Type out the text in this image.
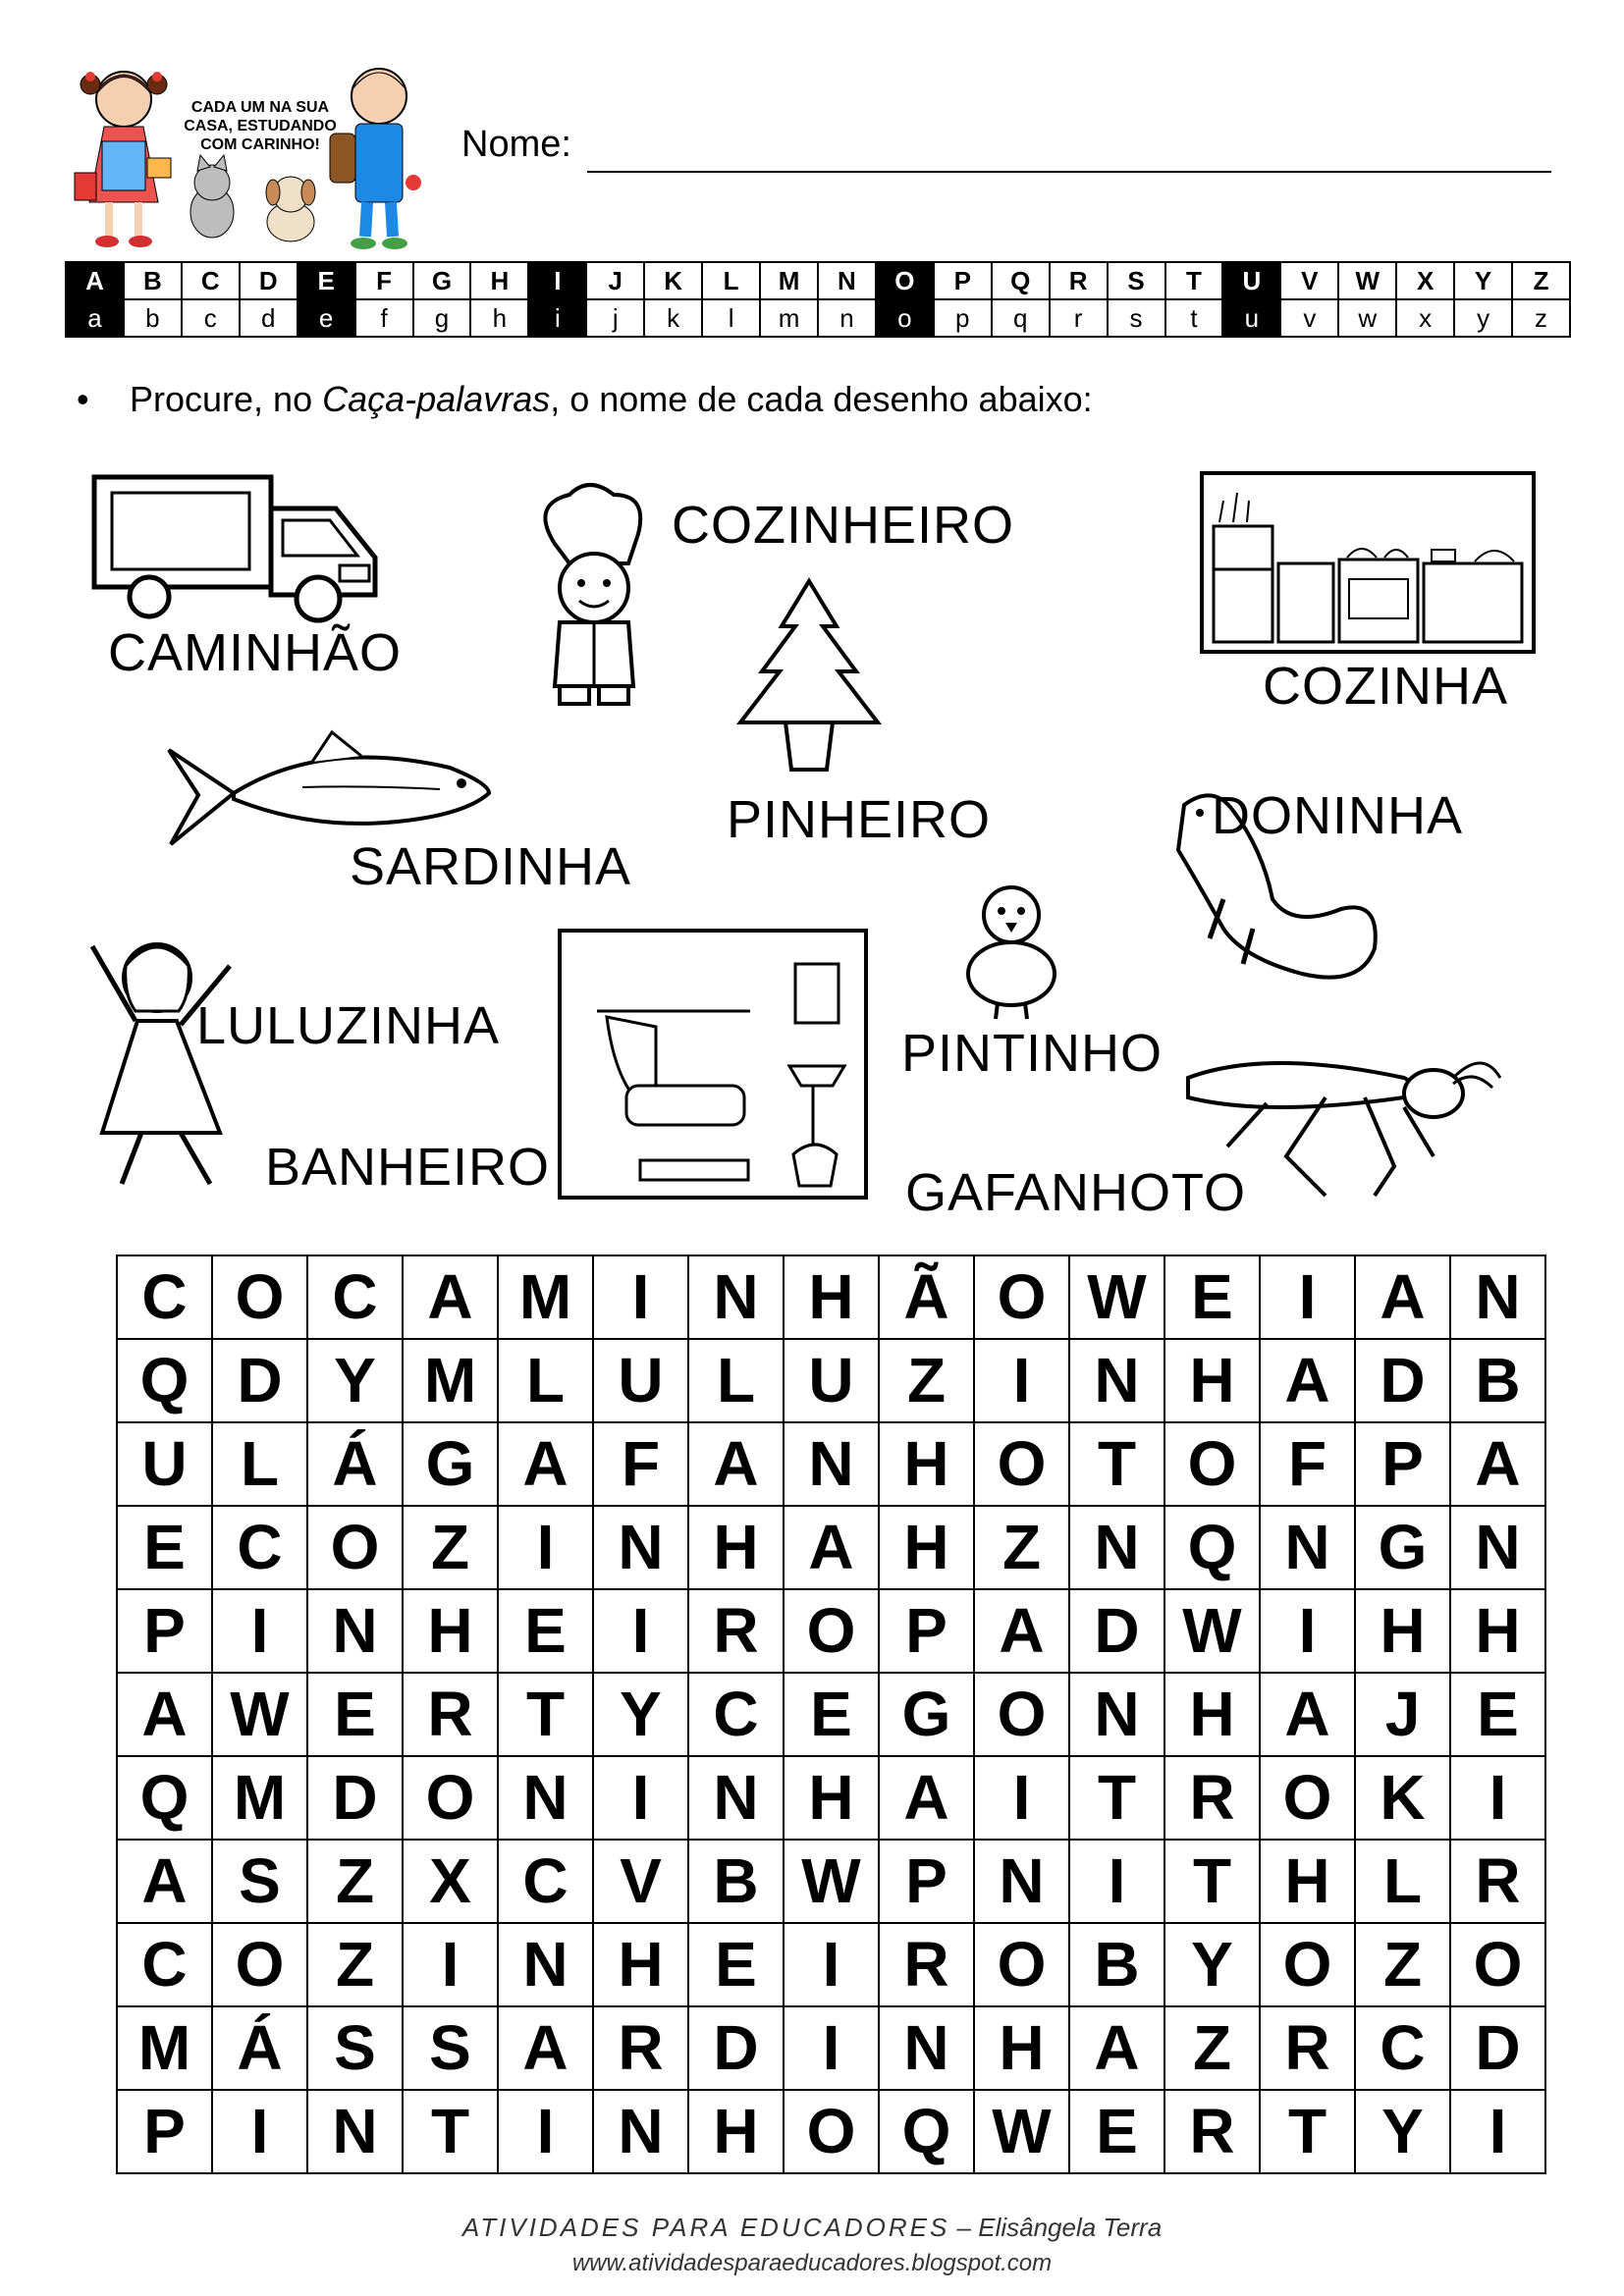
CADA UM NA SUA
CASA, ESTUDANDO
COM CARINHO!	Nome:
A	B	C	D	E	F	G	H	I	J	K	L	M	N	O	P	Q	R	S	T	U	V	W	X	Y	Z
a	b	c	d	e	f	g	h	i	j	k	l	m	n	o	p	q	r	s	t	u	v	w	x	y	z
• Procure, no Caça-palavras, o nome de cada desenho abaixo:
CAMINHÃO
COZINHEIRO
COZINHA
SARDINHA
PINHEIRO	DONINHA
LULUZINHA
BANHEIRO
PINTINHO
GAFANHOTO
C	O	C	A	M	I	N	H	Ã	O	W	E	I	A	N
Q	D	Y	M	L	U	L	U	Z	I	N	H	A	D	B
U	L	Á	G	A	F	A	N	H	O	T	O	F	P	A
E	C	O	Z	I	N	H	A	H	Z	N	Q	N	G	N
P	I	N	H	E	I	R	O	P	A	D	W	I	H	H
A	W	E	R	T	Y	C	E	G	O	N	H	A	J	E
Q	M	D	O	N	I	N	H	A	I	T	R	O	K	I
A	S	Z	X	C	V	B	W	P	N	I	T	H	L	R
C	O	Z	I	N	H	E	I	R	O	B	Y	O	Z	O
M	Á	S	S	A	R	D	I	N	H	A	Z	R	C	D
P	I	N	T	I	N	H	O	Q	W	E	R	T	Y	I
ATIVIDADES PARA EDUCADORES – Elisângela Terra
www.atividadesparaeducadores.blogspot.com
